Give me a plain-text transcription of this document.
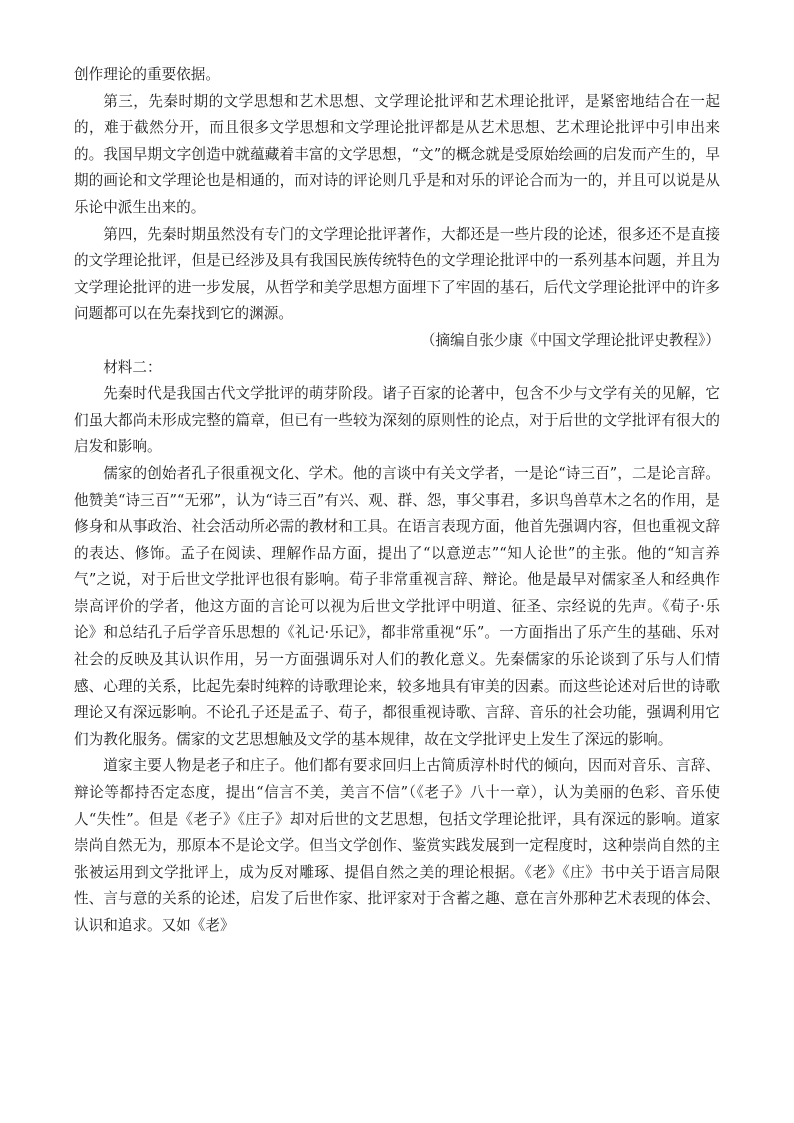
创作理论的重要依据。

第三，先秦时期的文学思想和艺术思想、文学理论批评和艺术理论批评，是紧密地结合在一起的，难于截然分开，而且很多文学思想和文学理论批评都是从艺术思想、艺术理论批评中引申出来的。我国早期文字创造中就蕴藏着丰富的文学思想，“文”的概念就是受原始绘画的启发而产生的，早期的画论和文学理论也是相通的，而对诗的评论则几乎是和对乐的评论合而为一的，并且可以说是从乐论中派生出来的。

第四，先秦时期虽然没有专门的文学理论批评著作，大都还是一些片段的论述，很多还不是直接的文学理论批评，但是已经涉及具有我国民族传统特色的文学理论批评中的一系列基本问题，并且为文学理论批评的进一步发展，从哲学和美学思想方面埋下了牢固的基石，后代文学理论批评中的许多问题都可以在先秦找到它的渊源。

（摘编自张少康《中国文学理论批评史教程》）

材料二：

先秦时代是我国古代文学批评的萌芽阶段。诸子百家的论著中，包含不少与文学有关的见解，它们虽大都尚未形成完整的篇章，但已有一些较为深刻的原则性的论点，对于后世的文学批评有很大的启发和影响。

儒家的创始者孔子很重视文化、学术。他的言谈中有关文学者，一是论“诗三百”，二是论言辞。他赞美“诗三百”“无邪”，认为“诗三百”有兴、观、群、怨，事父事君，多识鸟兽草木之名的作用，是修身和从事政治、社会活动所必需的教材和工具。在语言表现方面，他首先强调内容，但也重视文辞的表达、修饰。孟子在阅读、理解作品方面，提出了“以意逆志”“知人论世”的主张。他的“知言养气”之说，对于后世文学批评也很有影响。荀子非常重视言辞、辩论。他是最早对儒家圣人和经典作崇高评价的学者，他这方面的言论可以视为后世文学批评中明道、征圣、宗经说的先声。《荀子·乐论》和总结孔子后学音乐思想的《礼记·乐记》，都非常重视“乐”。一方面指出了乐产生的基础、乐对社会的反映及其认识作用，另一方面强调乐对人们的教化意义。先秦儒家的乐论谈到了乐与人们情感、心理的关系，比起先秦时纯粹的诗歌理论来，较多地具有审美的因素。而这些论述对后世的诗歌理论又有深远影响。不论孔子还是孟子、荀子，都很重视诗歌、言辞、音乐的社会功能，强调利用它们为教化服务。儒家的文艺思想触及文学的基本规律，故在文学批评史上发生了深远的影响。

道家主要人物是老子和庄子。他们都有要求回归上古简质淳朴时代的倾向，因而对音乐、言辞、辩论等都持否定态度，提出“信言不美，美言不信”（《老子》八十一章），认为美丽的色彩、音乐使人“失性”。但是《老子》《庄子》却对后世的文艺思想，包括文学理论批评，具有深远的影响。道家崇尚自然无为，那原本不是论文学。但当文学创作、鉴赏实践发展到一定程度时，这种崇尚自然的主张被运用到文学批评上，成为反对雕琢、提倡自然之美的理论根据。《老》《庄》书中关于语言局限性、言与意的关系的论述，启发了后世作家、批评家对于含蓄之趣、意在言外那种艺术表现的体会、认识和追求。又如《老》
